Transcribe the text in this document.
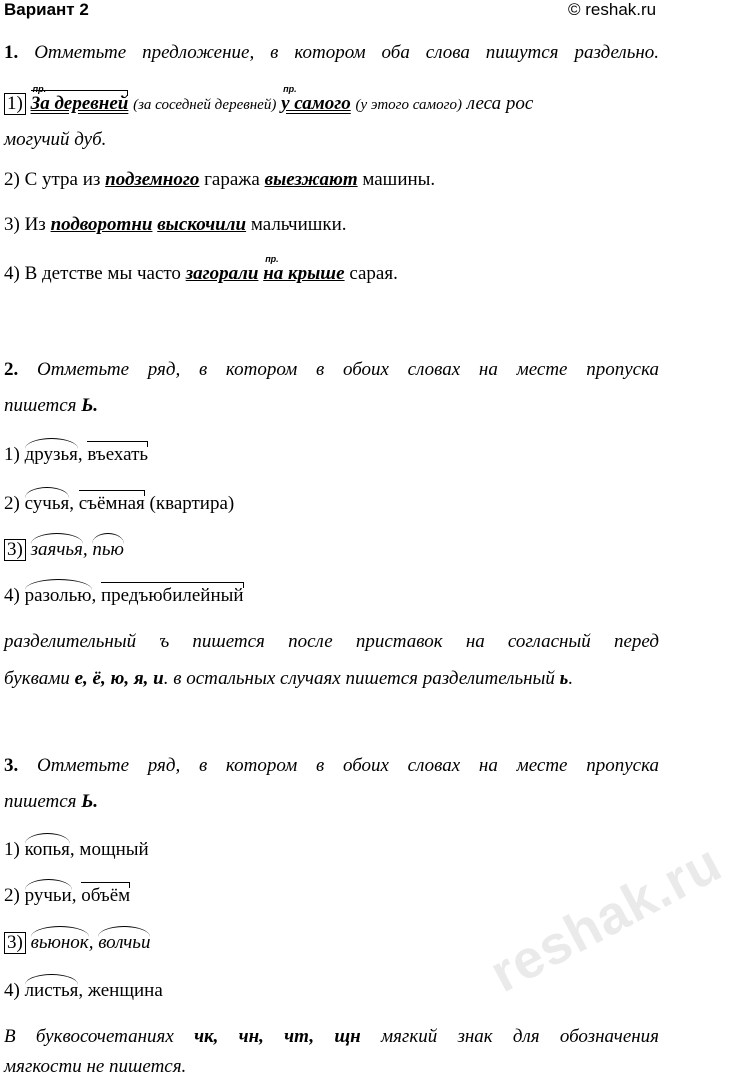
Вариант 2	© reshak.ru
1. Отметьте предложение, в котором оба слова пишутся раздельно.
1)
пр.
За деревней (за соседней деревней)
пр.
у самого (у этого самого) леса рос
могучий дуб.
2) С утра из подземного гаража выезжают машины.
3) Из подворотни выскочили мальчишки.
4) В детстве мы часто загорали
пр.
на крыше сарая.
2. Отметьте ряд, в котором в обоих словах на месте пропуска
пишется Ь.
1) друзья, въехать
2) сучья, съёмная (квартира)
3) заячья, пью
4) разолью, предъюбилейный
разделительный ъ пишется после приставок на согласный перед
буквами е, ё, ю, я, и. в остальных случаях пишется разделительный ь.
3. Отметьте ряд, в котором в обоих словах на месте пропуска
пишется Ь.
1) копья, мощный
2) ручьи, объём
3) вьюнок, волчьи
4) листья, женщина
В буквосочетаниях чк, чн, чт, щн мягкий знак для обозначения
мягкости не пишется.
reshak.ru
